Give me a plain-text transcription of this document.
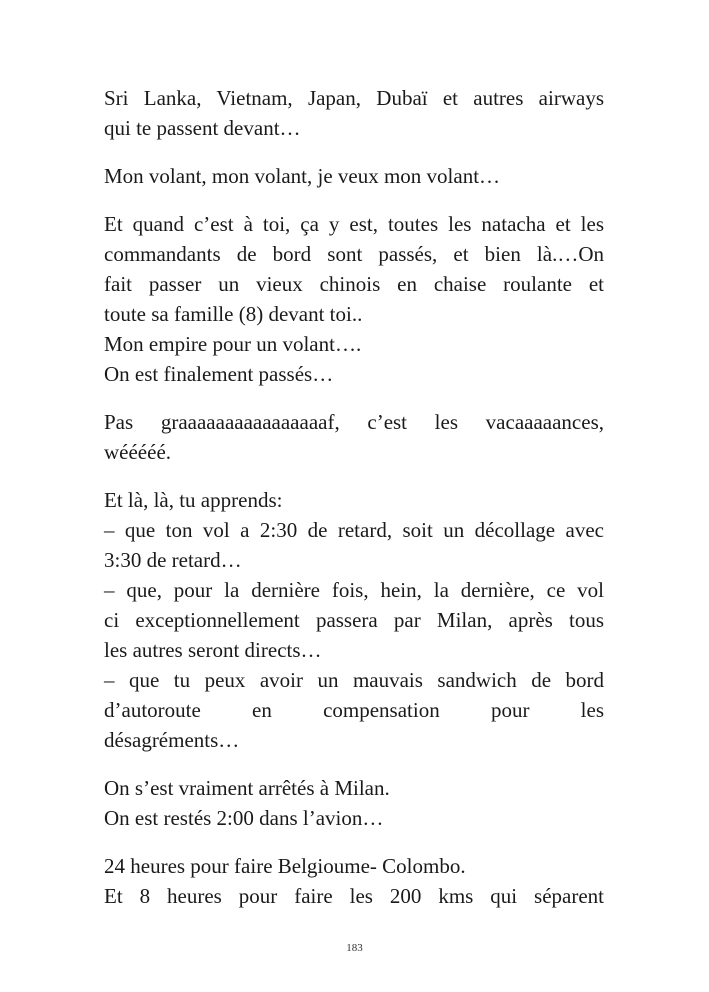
Sri Lanka, Vietnam, Japan, Dubaï et autres airways
qui te passent devant…
Mon volant, mon volant, je veux mon volant…
Et quand c’est à toi, ça y est, toutes les natacha et les
commandants de bord sont passés, et bien là.…On
fait passer un vieux chinois en chaise roulante et
toute sa famille (8) devant toi..
Mon empire pour un volant….
On est finalement passés…
Pas graaaaaaaaaaaaaaaaf, c’est les vacaaaaances,
wééééé.
Et là, là, tu apprends:
– que ton vol a 2:30 de retard, soit un décollage avec
3:30 de retard…
– que, pour la dernière fois, hein, la dernière, ce vol
ci exceptionnellement passera par Milan, après tous
les autres seront directs…
– que tu peux avoir un mauvais sandwich de bord
d’autoroute en compensation pour les
désagréments…
On s’est vraiment arrêtés à Milan.
On est restés 2:00 dans l’avion…
24 heures pour faire Belgioume- Colombo.
Et 8 heures pour faire les 200 kms qui séparent
183
